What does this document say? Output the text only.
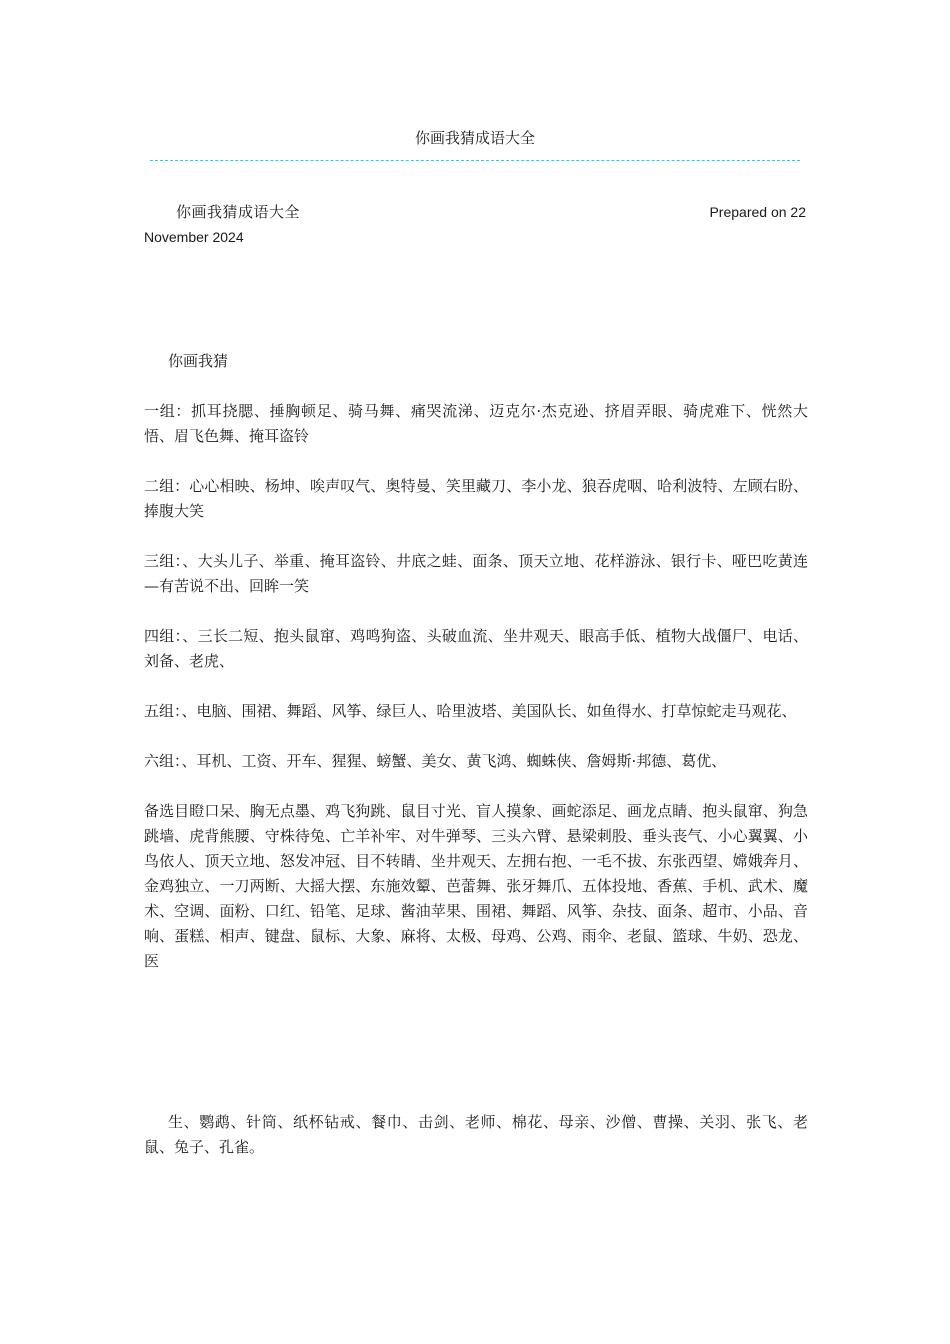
你画我猜成语大全
你画我猜成语大全	Prepared on 22
November 2024

你画我猜

一组：抓耳挠腮、捶胸顿足、骑马舞、痛哭流涕、迈克尔·杰克逊、挤眉弄眼、骑虎难下、恍然大悟、眉飞色舞、掩耳盗铃

二组：心心相映、杨坤、唉声叹气、奥特曼、笑里藏刀、李小龙、狼吞虎咽、哈利波特、左顾右盼、捧腹大笑

三组：、大头儿子、举重、掩耳盗铃、井底之蛙、面条、顶天立地、花样游泳、银行卡、哑巴吃黄连—有苦说不出、回眸一笑

四组：、三长二短、抱头鼠窜、鸡鸣狗盗、头破血流、坐井观天、眼高手低、植物大战僵尸、电话、刘备、老虎、

五组：、电脑、围裙、舞蹈、风筝、绿巨人、哈里波塔、美国队长、如鱼得水、打草惊蛇走马观花、

六组：、耳机、工资、开车、猩猩、螃蟹、美女、黄飞鸿、蜘蛛侠、詹姆斯·邦德、葛优、

备选目瞪口呆、胸无点墨、鸡飞狗跳、鼠目寸光、盲人摸象、画蛇添足、画龙点睛、抱头鼠窜、狗急跳墙、虎背熊腰、守株待兔、亡羊补牢、对牛弹琴、三头六臂、悬梁刺股、垂头丧气、小心翼翼、小鸟依人、顶天立地、怒发冲冠、目不转睛、坐井观天、左拥右抱、一毛不拔、东张西望、嫦娥奔月、金鸡独立、一刀两断、大摇大摆、东施效颦、芭蕾舞、张牙舞爪、五体投地、香蕉、手机、武术、魔术、空调、面粉、口红、铅笔、足球、酱油苹果、围裙、舞蹈、风筝、杂技、面条、超市、小品、音响、蛋糕、相声、键盘、鼠标、大象、麻将、太极、母鸡、公鸡、雨伞、老鼠、篮球、牛奶、恐龙、医

生、鹦鹉、针筒、纸杯钻戒、餐巾、击剑、老师、棉花、母亲、沙僧、曹操、关羽、张飞、老鼠、兔子、孔雀。
